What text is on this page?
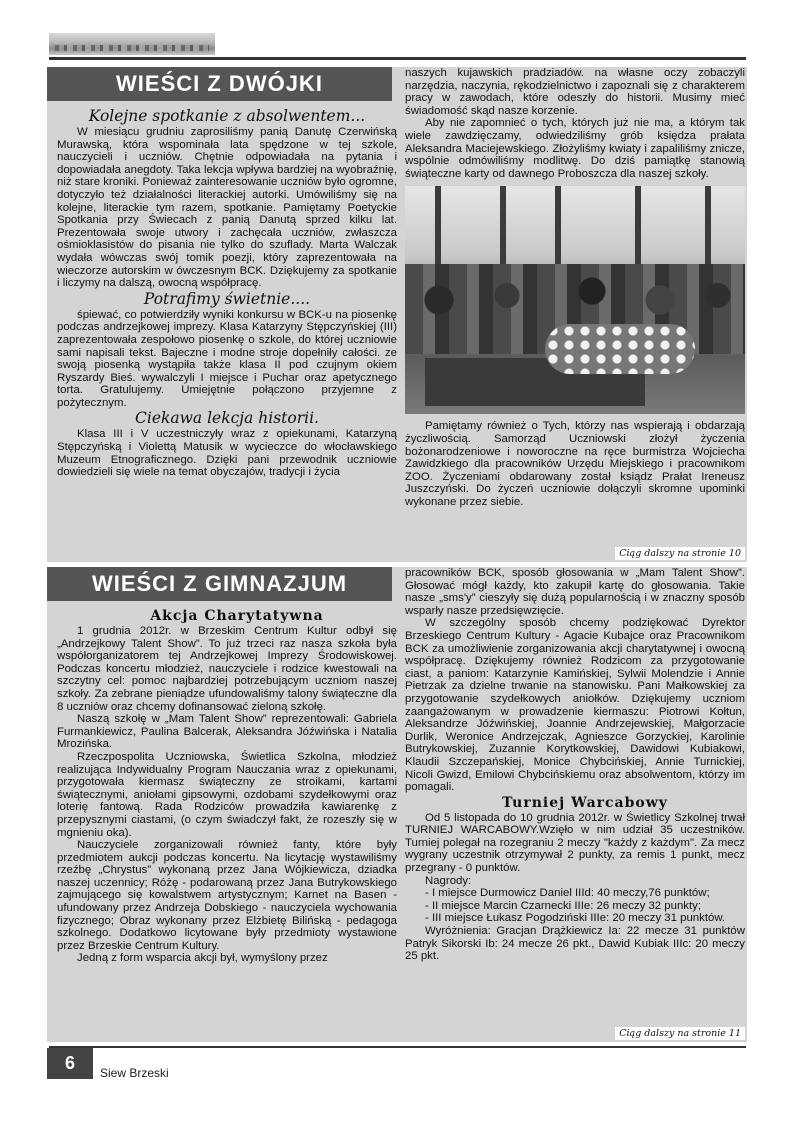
WIEŚCI Z DWÓJKI

Kolejne spotkanie z absolwentem...

W miesiącu grudniu zaprosiliśmy panią Danutę Czerwińską Murawską, która wspominała lata spędzone w tej szkole, nauczycieli i uczniów. Chętnie odpowiadała na pytania i dopowiadała anegdoty. Taka lekcja wpływa bardziej na wyobraźnię, niż stare kroniki. Ponieważ zainteresowanie uczniów było ogromne, dotyczyło też działalności literackiej autorki. Umówiliśmy się na kolejne, literackie tym razem, spotkanie. Pamiętamy Poetyckie Spotkania przy Świecach z panią Danutą sprzed kilku lat. Prezentowała swoje utwory i zachęcała uczniów, zwłaszcza ośmioklasistów do pisania nie tylko do szuflady. Marta Walczak wydała wówczas swój tomik poezji, który zaprezentowała na wieczorze autorskim w ówczesnym BCK. Dziękujemy za spotkanie i liczymy na dalszą, owocną współpracę.

Potrafimy świetnie....

śpiewać, co potwierdziły wyniki konkursu w BCK-u na piosenkę podczas andrzejkowej imprezy. Klasa Katarzyny Stępczyńskiej (III) zaprezentowała zespołowo piosenkę o szkole, do której uczniowie sami napisali tekst. Bajeczne i modne stroje dopełniły całości. ze swoją piosenką wystąpiła także klasa II pod czujnym okiem Ryszardy Bieś. wywalczyli I miejsce i Puchar oraz apetycznego torta. Gratulujemy. Umiejętnie połączono przyjemne z pożytecznym.

Ciekawa lekcja historii.

Klasa III i V uczestniczyły wraz z opiekunami, Katarzyną Stępczyńską i Violettą Matusik w wycieczce do włocławskiego Muzeum Etnograficznego. Dzięki pani przewodnik uczniowie dowiedzieli się wiele na temat obyczajów, tradycji i życia

naszych kujawskich pradziadów. na własne oczy zobaczyli narzędzia, naczynia, rękodzielnictwo i zapoznali się z charakterem pracy w zawodach, które odeszły do historii. Musimy mieć świadomość skąd nasze korzenie.

Aby nie zapomnieć o tych, których już nie ma, a którym tak wiele zawdzięczamy, odwiedziliśmy grób księdza prałata Aleksandra Maciejewskiego. Złożyliśmy kwiaty i zapaliliśmy znicze, wspólnie odmówiliśmy modlitwę. Do dziś pamiątkę stanowią świąteczne karty od dawnego Proboszcza dla naszej szkoły.

Pamiętamy również o Tych, którzy nas wspierają i obdarzają życzliwością. Samorząd Uczniowski złożył życzenia bożonarodzeniowe i noworoczne na ręce burmistrza Wojciecha Zawidzkiego dla pracowników Urzędu Miejskiego i pracownikom ZOO. Życzeniami obdarowany został ksiądz Prałat Ireneusz Juszczyński. Do życzeń uczniowie dołączyli skromne upominki wykonane przez siebie.

Ciąg dalszy na stronie 10
WIEŚCI Z GIMNAZJUM

Akcja Charytatywna

1 grudnia 2012r. w Brzeskim Centrum Kultur odbył się „Andrzejkowy Talent Show”. To już trzeci raz nasza szkoła była współorganizatorem tej Andrzejkowej Imprezy Środowiskowej. Podczas koncertu młodzież, nauczyciele i rodzice kwestowali na szczytny cel: pomoc najbardziej potrzebującym uczniom naszej szkoły. Za zebrane pieniądze ufundowaliśmy talony świąteczne dla 8 uczniów oraz chcemy dofinansować zieloną szkołę.

Naszą szkołę w „Mam Talent Show” reprezentowali: Gabriela Furmankiewicz, Paulina Balcerak, Aleksandra Jóźwińska i Natalia Mrozińska.

Rzeczpospolita Uczniowska, Świetlica Szkolna, młodzież realizująca Indywidualny Program Nauczania wraz z opiekunami, przygotowała kiermasz świąteczny ze stroikami, kartami świątecznymi, aniołami gipsowymi, ozdobami szydełkowymi oraz loterię fantową. Rada Rodziców prowadziła kawiarenkę z przepysznymi ciastami, (o czym świadczył fakt, że rozeszły się w mgnieniu oka).

Nauczyciele zorganizowali również fanty, które były przedmiotem aukcji podczas koncertu. Na licytację wystawiliśmy rzeźbę „Chrystus” wykonaną przez Jana Wójkiewicza, dziadka naszej uczennicy; Różę - podarowaną przez Jana Butrykowskiego zajmującego się kowalstwem artystycznym; Karnet na Basen - ufundowany przez Andrzeja Dobskiego - nauczyciela wychowania fizycznego; Obraz wykonany przez Elżbietę Bilińską - pedagoga szkolnego. Dodatkowo licytowane były przedmioty wystawione przez Brzeskie Centrum Kultury.

Jedną z form wsparcia akcji był, wymyślony przez

pracowników BCK, sposób głosowania w „Mam Talent Show”. Głosować mógł każdy, kto zakupił kartę do głosowania. Takie nasze „sms'y” cieszyły się dużą popularnością i w znaczny sposób wsparły nasze przedsięwzięcie.

W szczególny sposób chcemy podziękować Dyrektor Brzeskiego Centrum Kultury - Agacie Kubajce oraz Pracownikom BCK za umożliwienie zorganizowania akcji charytatywnej i owocną współpracę. Dziękujemy również Rodzicom za przygotowanie ciast, a paniom: Katarzynie Kamińskiej, Sylwii Molendzie i Annie Pietrzak za dzielne trwanie na stanowisku. Pani Małkowskiej za przygotowanie szydełkowych aniołków. Dziękujemy uczniom zaangażowanym w prowadzenie kiermaszu: Piotrowi Kołtun, Aleksandrze Jóźwińskiej, Joannie Andrzejewskiej, Małgorzacie Durlik, Weronice Andrzejczak, Agnieszce Gorzyckiej, Karolinie Butrykowskiej, Zuzannie Korytkowskiej, Dawidowi Kubiakowi, Klaudii Szczepańskiej, Monice Chybcińskiej, Annie Turnickiej, Nicoli Gwizd, Emilowi Chybcińskiemu oraz absolwentom, którzy im pomagali.

Turniej Warcabowy

Od 5 listopada do 10 grudnia 2012r. w Świetlicy Szkolnej trwał TURNIEJ WARCABOWY.Wzięło w nim udział 35 uczestników. Turniej polegał na rozegraniu 2 meczy "każdy z każdym". Za mecz wygrany uczestnik otrzymywał 2 punkty, za remis 1 punkt, mecz przegrany - 0 punktów.

Nagrody:

- I miejsce Durmowicz Daniel IIId: 40 meczy,76 punktów;

- II miejsce Marcin Czarnecki IIIe: 26 meczy 32 punkty;

- III miejsce Łukasz Pogodziński IIIe: 20 meczy 31 punktów.

Wyróżnienia: Gracjan Drążkiewicz Ia: 22 mecze 31 punktów Patryk Sikorski Ib: 24 mecze 26 pkt., Dawid Kubiak IIIc: 20 meczy 25 pkt.

Ciąg dalszy na stronie 11
6	Siew Brzeski
